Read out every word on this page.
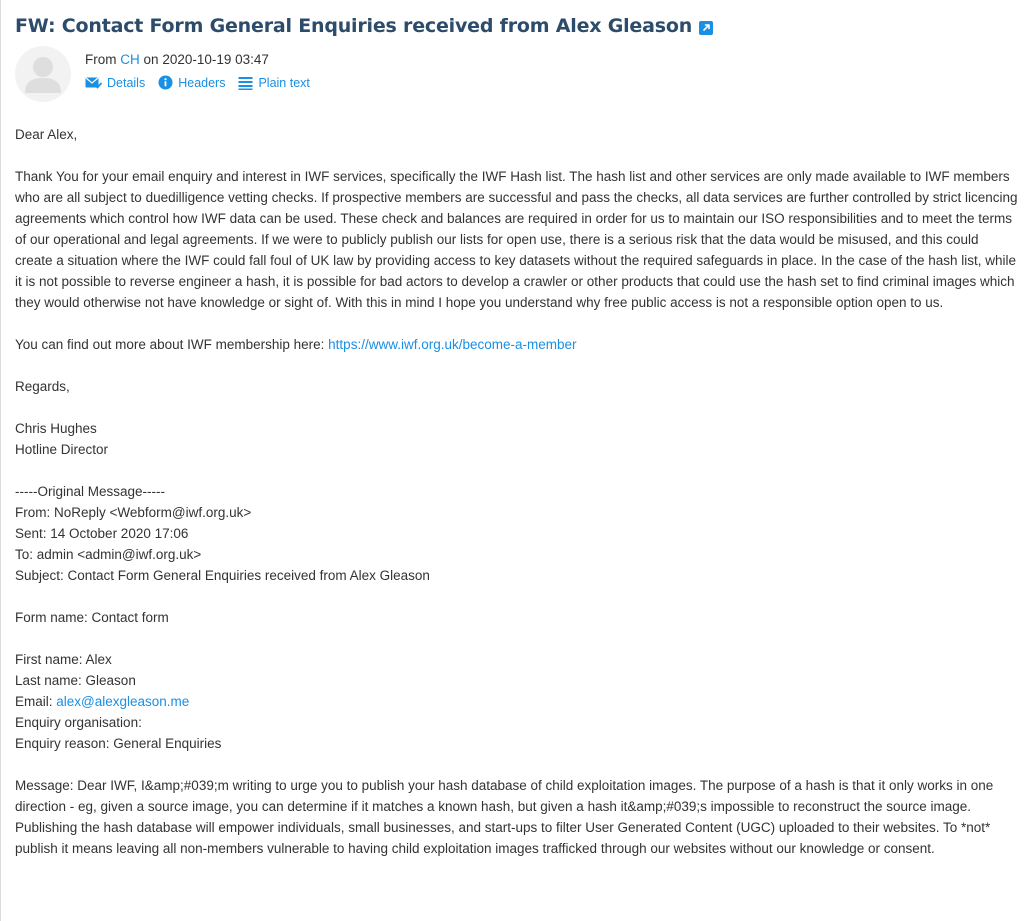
FW: Contact Form General Enquiries received from Alex Gleason
From CH on 2020-10-19 03:47
Details	Headers	Plain text

Dear Alex,

Thank You for your email enquiry and interest in IWF services, specifically the IWF Hash list. The hash list and other services are only made available to IWF members who are all subject to duedilligence vetting checks. If prospective members are successful and pass the checks, all data services are further controlled by strict licencing agreements which control how IWF data can be used. These check and balances are required in order for us to maintain our ISO responsibilities and to meet the terms of our operational and legal agreements. If we were to publicly publish our lists for open use, there is a serious risk that the data would be misused, and this could create a situation where the IWF could fall foul of UK law by providing access to key datasets without the required safeguards in place. In the case of the hash list, while it is not possible to reverse engineer a hash, it is possible for bad actors to develop a crawler or other products that could use the hash set to find criminal images which they would otherwise not have knowledge or sight of. With this in mind I hope you understand why free public access is not a responsible option open to us.

You can find out more about IWF membership here: https://www.iwf.org.uk/become-a-member

Regards,

Chris Hughes

Hotline Director

-----Original Message-----

From: NoReply <Webform@iwf.org.uk>

Sent: 14 October 2020 17:06

To: admin <admin@iwf.org.uk>

Subject: Contact Form General Enquiries received from Alex Gleason

Form name: Contact form

First name: Alex

Last name: Gleason

Email: alex@alexgleason.me

Enquiry organisation:

Enquiry reason: General Enquiries

Message: Dear IWF, I&amp;#039;m writing to urge you to publish your hash database of child exploitation images. The purpose of a hash is that it only works in one direction - eg, given a source image, you can determine if it matches a known hash, but given a hash it&amp;#039;s impossible to reconstruct the source image. Publishing the hash database will empower individuals, small businesses, and start-ups to filter User Generated Content (UGC) uploaded to their websites. To *not* publish it means leaving all non-members vulnerable to having child exploitation images trafficked through our websites without our knowledge or consent.
